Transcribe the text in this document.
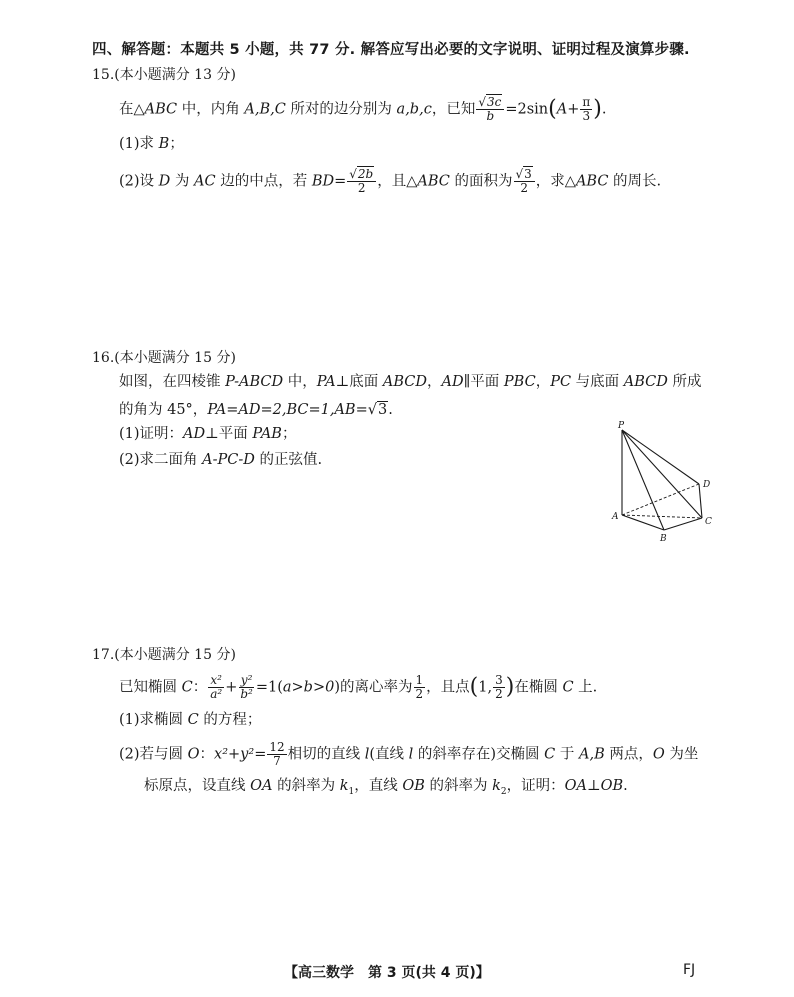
四、解答题：本题共 5 小题，共 77 分. 解答应写出必要的文字说明、证明过程及演算步骤.
15.(本小题满分 13 分)
在△ABC 中，内角 A,B,C 所对的边分别为 a,b,c，已知 $\frac{√3c}{b} =2\sin(A+ \frac{\pi}{3}$ ).
(1)求 B；
(2)设 D 为 AC 边的中点，若 $BD= \frac{√2b}{2}$ ，且△ABC 的面积为 $\frac{√3}{2}$ ，求△ABC 的周长.
16.(本小题满分 15 分)
如图，在四棱锥 P-ABCD 中，PA⊥底面 ABCD，AD∥平面 PBC，PC 与底面 ABCD 所成
的角为 45°，PA=AD=2,BC=1,AB=√3.
(1)证明：AD⊥平面 PAB；
(2)求二面角 A-PC-D 的正弦值.
P
D
A	C
B
17.(本小题满分 15 分)
已知椭圆 C： $\frac{\text{x²}}{\text{a²}} + \frac{\text{y²}}{\text{b²}} =1(a>b>0)$的离心率为 $\frac{1}{2}$ ，且点(1, $\frac{3}{2}$ )在椭圆 C 上.
(1)求椭圆 C 的方程；
(2)若与圆 O：$x^2+y^2= \frac{12}{7}$ 相切的直线 l(直线 l 的斜率存在)交椭圆 C 于 A,B 两点，O 为坐
标原点，设直线 OA 的斜率为 $k_1$，直线 OB 的斜率为 $k_2$，证明：OA⊥OB.
【高三数学　第 3 页(共 4 页)】	FJ
